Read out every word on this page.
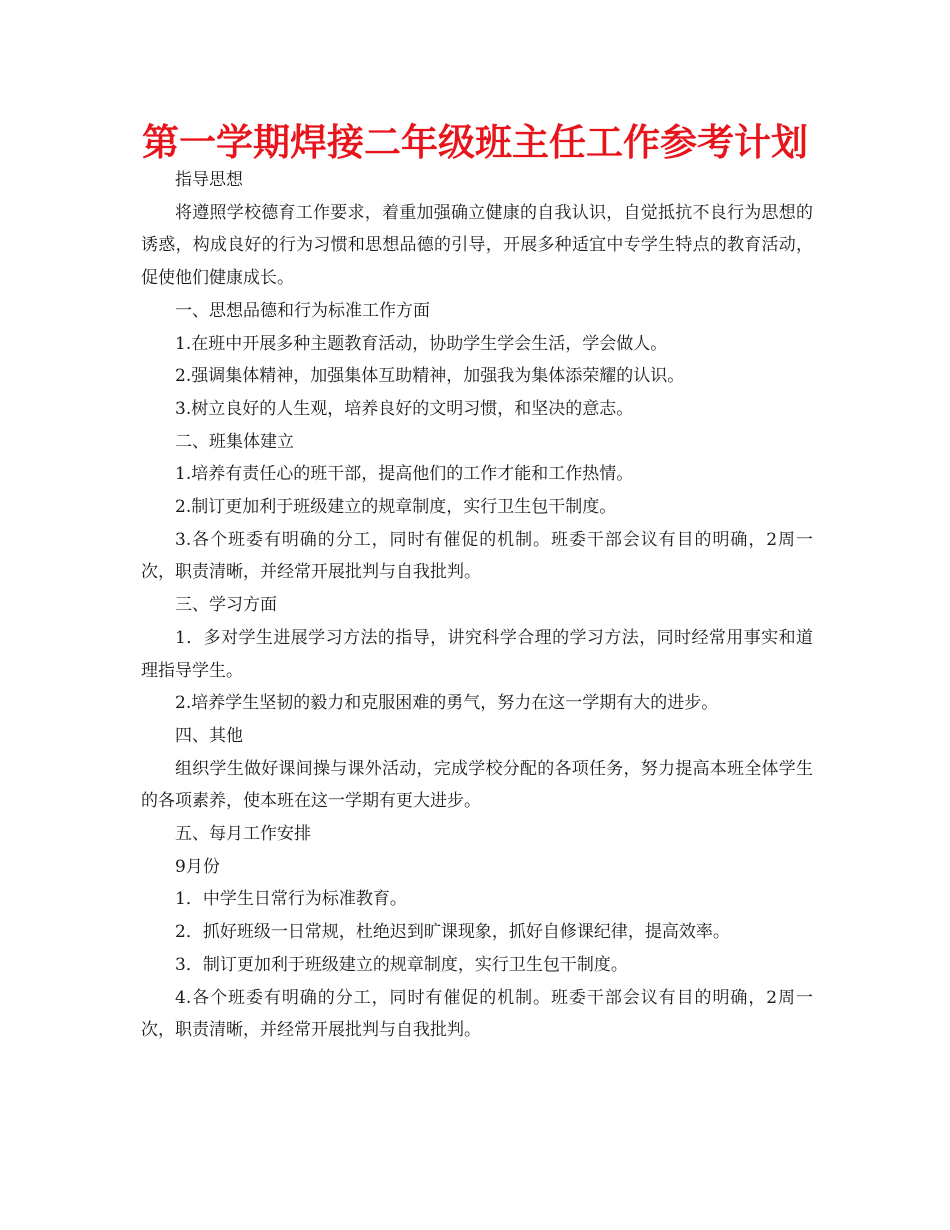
第一学期焊接二年级班主任工作参考计划

指导思想

将遵照学校德育工作要求，着重加强确立健康的自我认识，自觉抵抗不良行为思想的诱惑，构成良好的行为习惯和思想品德的引导，开展多种适宜中专学生特点的教育活动，促使他们健康成长。

一、思想品德和行为标准工作方面

1.在班中开展多种主题教育活动，协助学生学会生活，学会做人。

2.强调集体精神，加强集体互助精神，加强我为集体添荣耀的认识。

3.树立良好的人生观，培养良好的文明习惯，和坚决的意志。

二、班集体建立

1.培养有责任心的班干部，提高他们的工作才能和工作热情。

2.制订更加利于班级建立的规章制度，实行卫生包干制度。

3.各个班委有明确的分工，同时有催促的机制。班委干部会议有目的明确，2周一次，职责清晰，并经常开展批判与自我批判。

三、学习方面

1．多对学生进展学习方法的指导，讲究科学合理的学习方法，同时经常用事实和道理指导学生。

2.培养学生坚韧的毅力和克服困难的勇气，努力在这一学期有大的进步。

四、其他

组织学生做好课间操与课外活动，完成学校分配的各项任务，努力提高本班全体学生的各项素养，使本班在这一学期有更大进步。

五、每月工作安排

9月份

1．中学生日常行为标准教育。

2．抓好班级一日常规，杜绝迟到旷课现象，抓好自修课纪律，提高效率。

3．制订更加利于班级建立的规章制度，实行卫生包干制度。

4.各个班委有明确的分工，同时有催促的机制。班委干部会议有目的明确，2周一次，职责清晰，并经常开展批判与自我批判。
